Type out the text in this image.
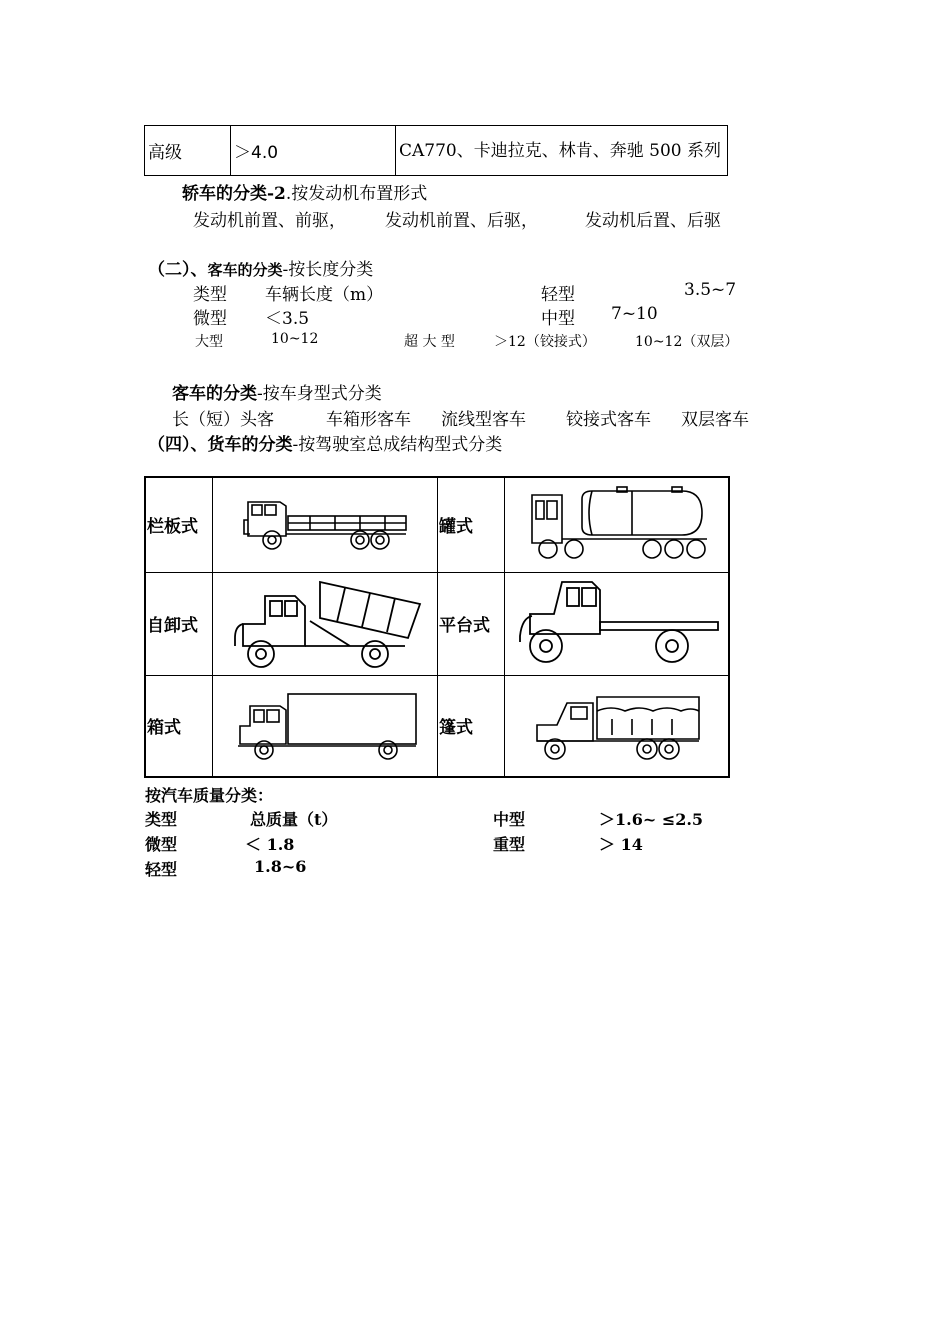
高级	＞4.0	CA770、卡迪拉克、林肯、奔驰 500 系列
轿车的分类-2.按发动机布置形式
发动机前置、前驱， 发动机前置、后驱，	发动机后置、后驱
（二）、客车的分类-按长度分类
类型 车辆长度（m）	轻型	3.5~7
微型 ＜3.5	中型 7~10
大型	10~12	超 大 型	＞12（铰接式）	10~12（双层）
客车的分类-按车身型式分类
长（短）头客	车箱形客车 流线型客车 铰接式客车 双层客车
（四）、货车的分类-按驾驶室总成结构型式分类
栏板式		罐式	

自卸式		平台式	

箱式		篷式	
按汽车质量分类：
类型	总质量（t）	中型	＞1.6~ ≤2.5
微型	＜ 1.8	重型	＞ 14
轻型	1.8~6
